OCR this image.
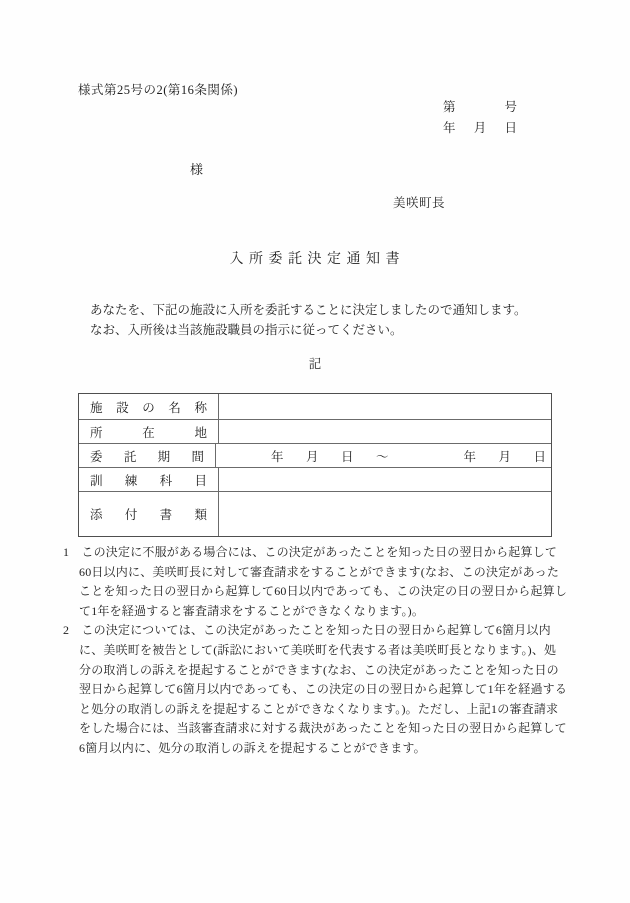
様式第25号の2(第16条関係)
第	号
年 月 日
様
美咲町長
入 所 委 託 決 定 通 知 書
あなたを、下記の施設に入所を委託することに決定しましたので通知します。
なお、入所後は当該施設職員の指示に従ってください。
記
施 設 の 名 称
所	在	地
委 託 期 間	年　月　日　～　　　　年　月　日
訓 練 科 目
添 付 書 類
1　この決定に不服がある場合には、この決定があったことを知った日の翌日から起算して
60日以内に、美咲町長に対して審査請求をすることができます(なお、この決定があった
ことを知った日の翌日から起算して60日以内であっても、この決定の日の翌日から起算し
て1年を経過すると審査請求をすることができなくなります。)。
2　この決定については、この決定があったことを知った日の翌日から起算して6箇月以内
に、美咲町を被告として(訴訟において美咲町を代表する者は美咲町長となります。)、処
分の取消しの訴えを提起することができます(なお、この決定があったことを知った日の
翌日から起算して6箇月以内であっても、この決定の日の翌日から起算して1年を経過する
と処分の取消しの訴えを提起することができなくなります。)。ただし、上記1の審査請求
をした場合には、当該審査請求に対する裁決があったことを知った日の翌日から起算して
6箇月以内に、処分の取消しの訴えを提起することができます。
